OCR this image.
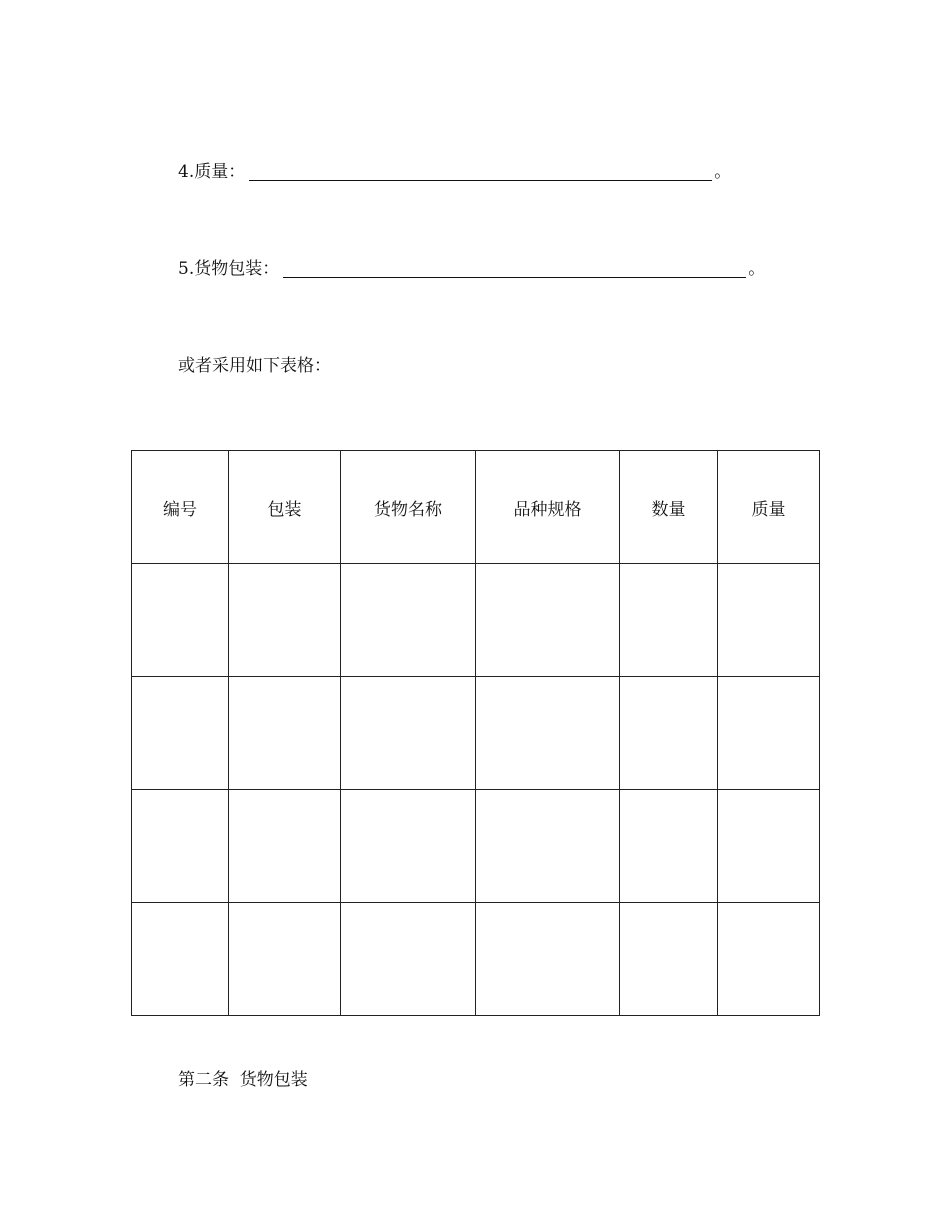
4.质量：	。
5.货物包装：	。
或者采用如下表格：
编号	包装	货物名称	品种规格	数量	质量

第二条  货物包装
